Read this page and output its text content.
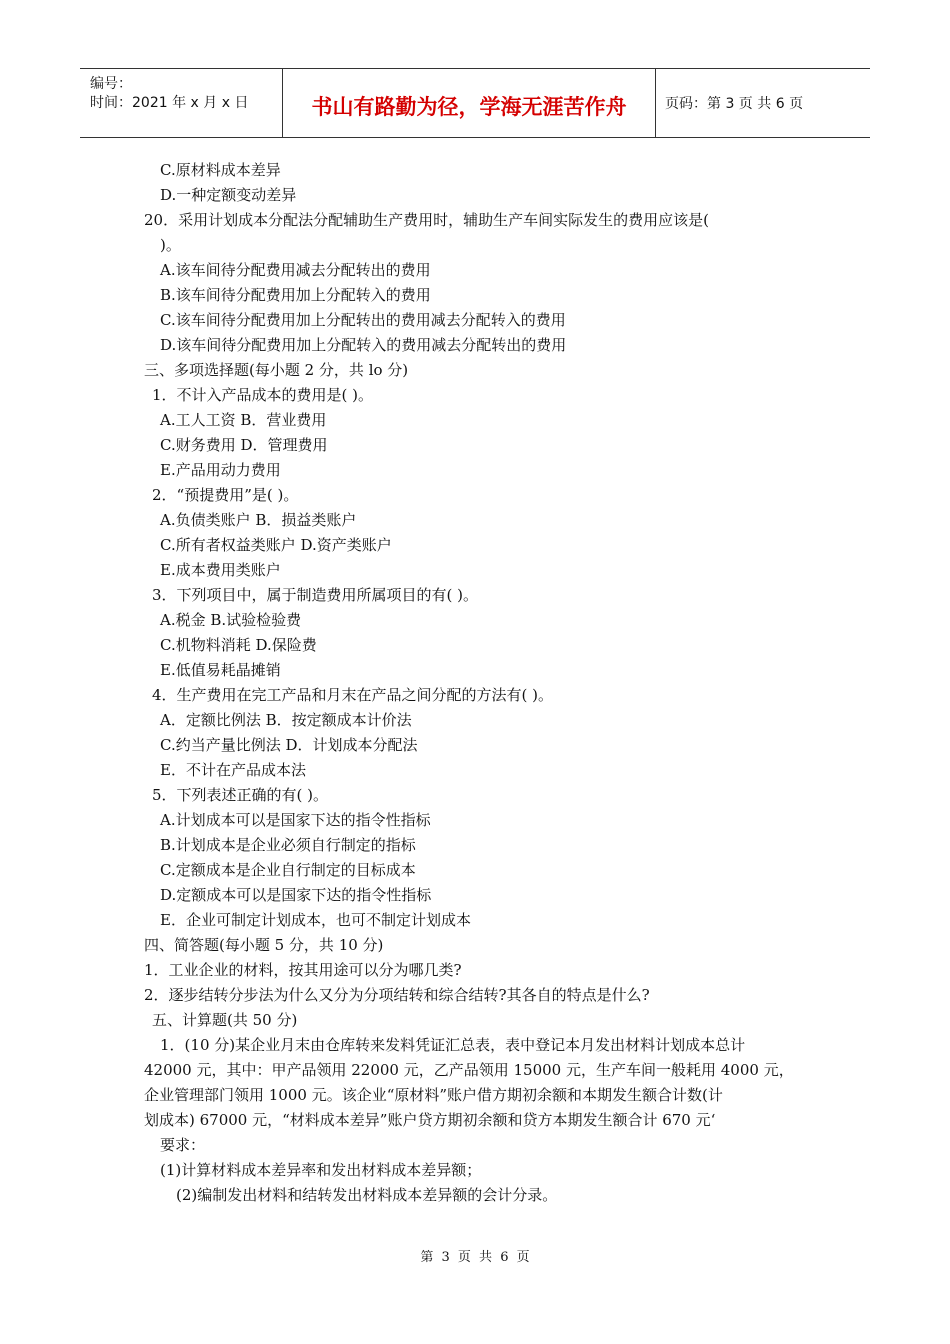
编号：
时间：2021 年 x 月 x 日	书山有路勤为径，学海无涯苦作舟	页码：第 3 页 共 6 页
C.原材料成本差异
D.一种定额变动差异
20．采用计划成本分配法分配辅助生产费用时，辅助生产车间实际发生的费用应该是(
)。
A.该车间待分配费用减去分配转出的费用
B.该车间待分配费用加上分配转入的费用
C.该车间待分配费用加上分配转出的费用减去分配转入的费用
D.该车间待分配费用加上分配转入的费用减去分配转出的费用
三、多项选择题(每小题 2 分，共 lo 分)
1．不计入产品成本的费用是( )。
A.工人工资 B．营业费用
C.财务费用 D．管理费用
E.产品用动力费用
2．“预提费用”是( )。
A.负债类账户 B．损益类账户
C.所有者权益类账户 D.资产类账户
E.成本费用类账户
3．下列项目中，属于制造费用所属项目的有( )。
A.税金 B.试验检验费
C.机物料消耗 D.保险费
E.低值易耗晶摊销
4．生产费用在完工产品和月末在产品之间分配的方法有( )。
A．定额比例法 B．按定额成本计价法
C.约当产量比例法 D．计划成本分配法
E．不计在产品成本法
5．下列表述正确的有( )。
A.计划成本可以是国家下达的指令性指标
B.计划成本是企业必须自行制定的指标
C.定额成本是企业自行制定的目标成本
D.定额成本可以是国家下达的指令性指标
E．企业可制定计划成本，也可不制定计划成本
四、简答题(每小题 5 分，共 10 分)
1．工业企业的材料，按其用途可以分为哪几类?
2．逐步结转分步法为什么又分为分项结转和综合结转?其各自的特点是什么?
五、计算题(共 50 分)
1．(10 分)某企业月末由仓库转来发料凭证汇总表，表中登记本月发出材料计划成本总计
42000 元，其中：甲产品领用 22000 元，乙产品领用 15000 元，生产车间一般耗用 4000 元，
企业管理部门领用 1000 元。该企业“原材料”账户借方期初余额和本期发生额合计数(计
划成本) 67000 元，“材料成本差异”账户贷方期初余额和贷方本期发生额合计 670 元‘
要求：
(1)计算材料成本差异率和发出材料成本差异额；
(2)编制发出材料和结转发出材料成本差异额的会计分录。
第 3 页 共 6 页
